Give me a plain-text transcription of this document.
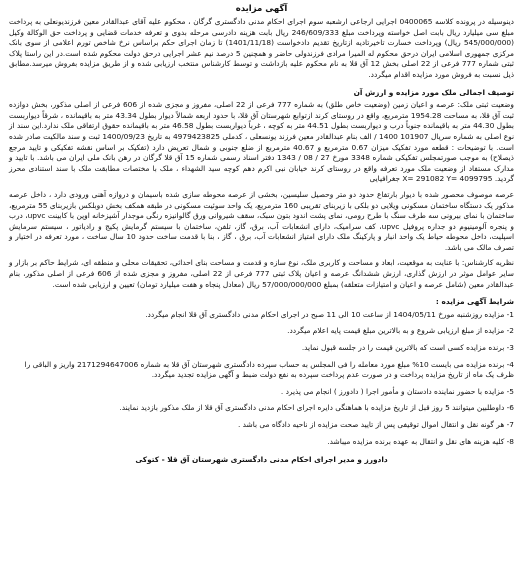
آگهی مزایده

دینوسیله در پرونده کلاسه 0400065 اجرایی ارجاعی ارشعبه سوم اجرای احکام مدنی دادگستری گرگان ، محکوم علیه آقای عبدالقادر معین فرزندیونعلی به پرداخت مبلغ سی میلیارد ریال بابت اصل خواسته وپرداخت مبلغ 246/609/333 ریال بابت هزینه دادرسی مرحله بدوی و تعرفه خدمات قضایی و پرداخت حق الوکالة وکیل (545/000/000 ریال) وپرداخت خسارت تاخیرتادیه ازتاریخ تقدیم دادخواست (1401/11/18) تا زمان اجرای حکم براساس نرخ شاخص تورم اعلامی از سوی بانک مرکزی جمهوری اسلامی ایران درحق محکوم له المیرا مرادی فرزندولی حاضر و همچنین 5 درصد نیم عشر اجرایی درحق دولت محکوم شده است.در این راستا پلاک ثبتی شماره 777 فرعی از 22 اصلی بخش 12 آق قلا به نام محکوم علیه بازداشت و توسط کارشناس منتخب ارزیابی شده و از طریق مزایده بفروش میرسد.مطابق ذیل نسبت به فروش مورد مزایده اقدام میگردد.

توصیف اجمالی ملک مورد مزایده و ارزش آن

وضعیت ثبتی ملک: عرصه و اعیان زمین (وضعیت خاص طلق) به شماره 777 فرعی از 22 اصلی، مفروز و مجزی شده از 606 فرعی از اصلی مذکور، بخش دوازده ثبت آق قلا، به مساحت 1954.28 مترمربع، واقع در روستای کرند ازتوابع شهرستان آق قلا، با حدود اربعه شمالاً دیوار بطول 43.34 متر به باقیمانده ، شرقاً دیواربست بطول 44.30 متر به باقیمانده جنوباً درب و دیواربست بطول 44.51 متر به کوچه ، غرباً دیواربست بطول 46.58 متر به باقیمانده حقوق ارتفاقی ملک ندارد.این سند از نوع اصلی به شماره سریال 101907 1400 / الف بنام عبدالقادر معین فرزند یونسعلی ، کدملی 4979423825 به تاریخ 1400/09/23 ثبت و سند مالکیت صادر شده است. با توضیحات : قطعه مورد تفکیک میزان 0.67 مترمربع و 40.67 مترمربع از ضلع جنوبی و شمال تعریض دارد (تفکیک بر اساس نقشه تفکیکی و تایید مرجع ذیصلاح) به موجب صورتمجلس تفکیکی شماره 3348 مورخ 27 / 08 / 1343 دفتر اسناد رسمی شماره 15 آق قلا گرگان در رهن بانک ملی ایران می باشد. با تایید و مدارک مستفاد از وضعیت ملک مورد تعرفه واقع در روستای کرند خیابان نبی اکرم دهم کوچه سید الشهداء ، ملک با مختصات مطابقت ملک با سند استنادی محرز گردید. X= 291082 Y= 4099795 جغرافیایی

عرصه موصوف محصور شده با دیوار بارتفاع حدود دو متر وحصیل سلیسین، بخشی از عرصه محوطه سازی شده باسیمان و دروازه آهنی ورودی دارد ، داخل عرصه مذکور یک دستگاه ساختمان مسکونی ویلایی دو بلکی با زیربنای تقریبی 160 مترمربع، یک واحد سوئیت مسکونی در طبقه همکف بخش دوبلکس بازیربنای 55 مترمربع، ساختمان با نمای بیرونی سه طرف سنگ با طرح رومی، نمای پشت اندود بتون سبک، سقف شیروانی ورق گالوانیزه رنگی موجدار آشپزخانه اوپن با کابینت upvc، درب و پنجره آلومینیوم دو جداره پروفیل upvc، کف سرامیک، دارای انشعابات آب، برق، گاز، تلفن، ساختمان با سیستم گرمایش پکیج و رادیاتور ، سیستم سرمایش اسپلیت، داخل محوطه حیاط یک واحد انبار و پارکینگ ملک دارای امتیاز انشعابات آب، برق ، گاز ، بنا با قدمت ساخت حدود 10 سال ساخت ، مورد تعرفه در اختیار و تصرف مالک می باشد.

نظریه کارشناس: با عنایت به موقعیت، ابعاد و مساحت و کاربری ملک، نوع سازه و قدمت و مساحت بنای احداثی، تحقیقات محلی و منطقه ای، شرایط حاکم بر بازار و سایر عوامل موثر در ارزش گذاری، ارزش ششدانگ عرصه و اعیان پلاک ثبتی 777 فرعی از 22 اصلی، مفروز و مجزی شده از 606 فرعی از اصلی مذکور، بنام عبدالقادر معین (شامل عرصه و اعیان و امتیازات متعلقه) بمبلغ 57/000/000/000 ریال (معادل پنجاه و هفت میلیارد تومان) تعیین و ارزیابی شده است.

شرایط آگهی مزایده :

1- مزایده روزشنبه مورخ 1404/05/11 از ساعت 10 الی 11 صبح در اجرای احکام مدنی دادگستری آق قلا انجام میگردد.

2- مزایده از مبلغ ارزیابی شروع و به بالاترین مبلغ قیمت پایه اعلام میگردد.

3- برنده مزایده کسی است که بالاترین قیمت را در جلسه قبول نماید.

4- برنده مزایده می بایست 10% مبلغ مورد معامله را فی المجلس به حساب سپرده دادگستری شهرستان آق قلا به شماره 2171294647006 واریز و الباقی را ظرف یک ماه از تاریخ مزایده پرداخت و در صورت عدم پرداخت سپرده به نفع دولت ضبط و آگهی مزایده تجدید میگردد.

5- مزایده با حضور نماینده دادستان و مأمور اجرا ( دادورز ) انجام می پذیرد .

6- داوطلبین میتوانند 5 روز قبل از تاریخ مزایده با هماهنگی دایره اجرای احکام مدنی دادگستری آق قلا از ملک مذکور بازدید نمایند.

7- هر گونه نقل و انتقال اموال توقیفی پس از تایید صحت مزایده از ناحیه دادگاه می باشد .

8- کلیه هزینه های نقل و انتقال به عهده برنده مزایده میباشد.

دادورز و مدیر اجرای احکام مدنی دادگستری شهرستان آق قلا - کتوکی
